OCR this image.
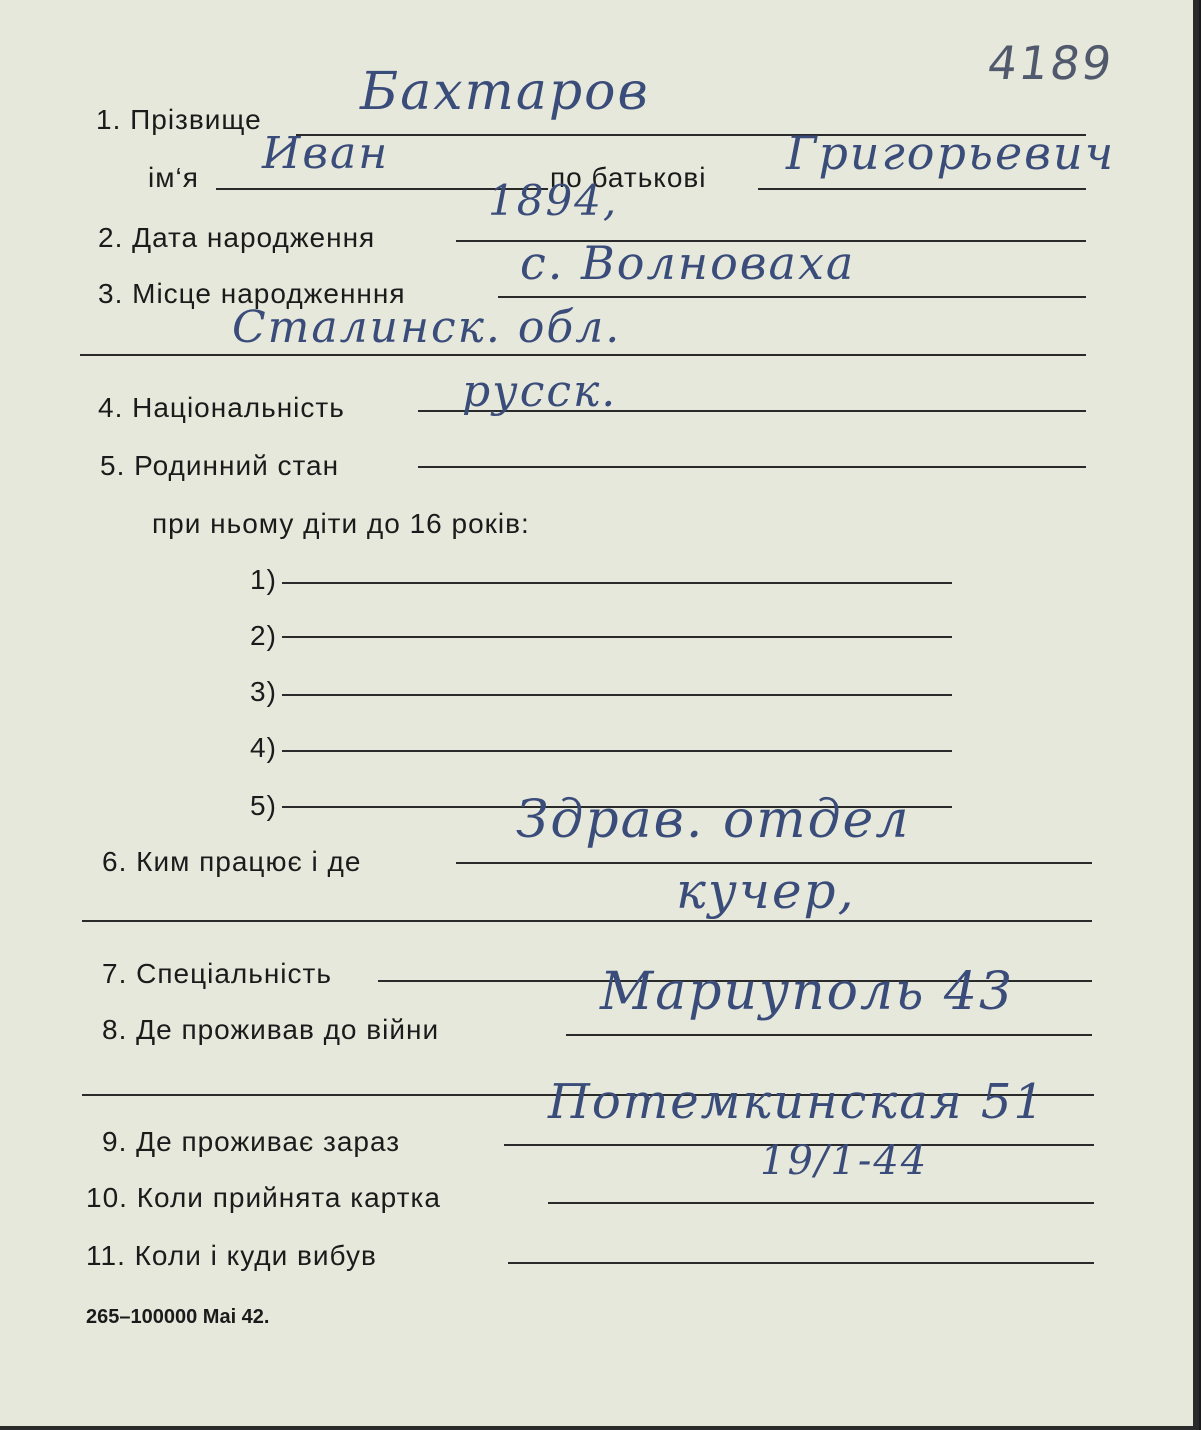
4189
1. Прізвище Бахтаров
ім‘я Иван	по батькові Григорьевич
2. Дата народження
1894,
3. Місце народженння
с. Волноваха
Сталинск. обл.
4. Національність	русск.
5. Родинний стан
при ньому діти до 16 років:
1)
2)
3)
4)
5)
6. Ким працює і де
Здрав. отдел
кучер,
7. Спеціальність
8. Де проживав до війни
Мариуполь 43
9. Де проживає зараз
Потемкинская 51
10. Коли прийнята картка
19/1-44
11. Коли і куди вибув
265–100000 Mai 42.
